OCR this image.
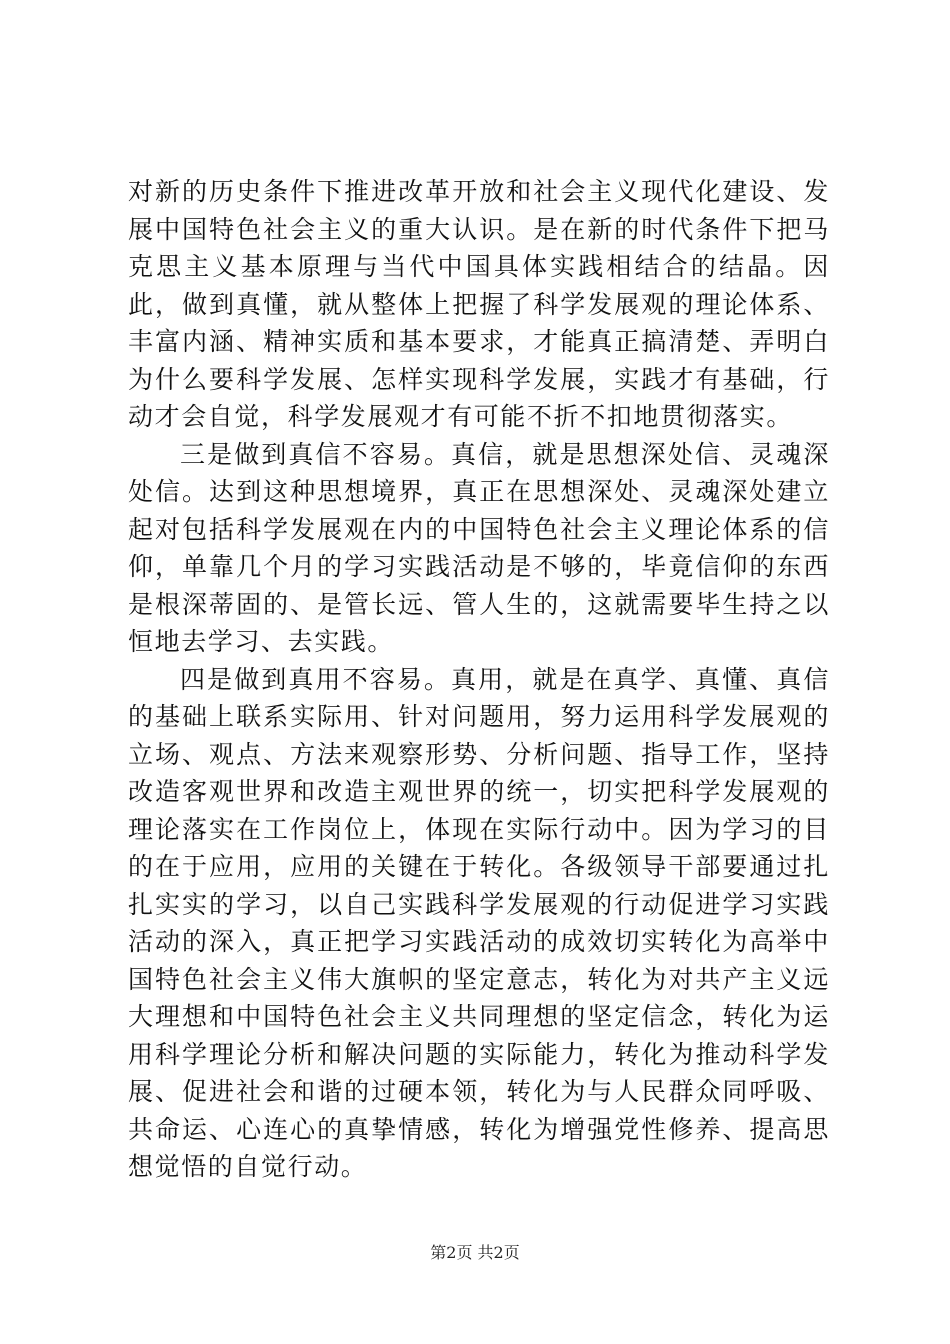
对新的历史条件下推进改革开放和社会主义现代化建设、发展中国特色社会主义的重大认识。是在新的时代条件下把马克思主义基本原理与当代中国具体实践相结合的结晶。因此，做到真懂，就从整体上把握了科学发展观的理论体系、丰富内涵、精神实质和基本要求，才能真正搞清楚、弄明白为什么要科学发展、怎样实现科学发展，实践才有基础，行动才会自觉，科学发展观才有可能不折不扣地贯彻落实。

三是做到真信不容易。真信，就是思想深处信、灵魂深处信。达到这种思想境界，真正在思想深处、灵魂深处建立起对包括科学发展观在内的中国特色社会主义理论体系的信仰，单靠几个月的学习实践活动是不够的，毕竟信仰的东西是根深蒂固的、是管长远、管人生的，这就需要毕生持之以恒地去学习、去实践。

四是做到真用不容易。真用，就是在真学、真懂、真信的基础上联系实际用、针对问题用，努力运用科学发展观的立场、观点、方法来观察形势、分析问题、指导工作，坚持改造客观世界和改造主观世界的统一，切实把科学发展观的理论落实在工作岗位上，体现在实际行动中。因为学习的目的在于应用，应用的关键在于转化。各级领导干部要通过扎扎实实的学习，以自己实践科学发展观的行动促进学习实践活动的深入，真正把学习实践活动的成效切实转化为高举中国特色社会主义伟大旗帜的坚定意志，转化为对共产主义远大理想和中国特色社会主义共同理想的坚定信念，转化为运用科学理论分析和解决问题的实际能力，转化为推动科学发展、促进社会和谐的过硬本领，转化为与人民群众同呼吸、共命运、心连心的真挚情感，转化为增强党性修养、提高思想觉悟的自觉行动。

第2页 共2页
